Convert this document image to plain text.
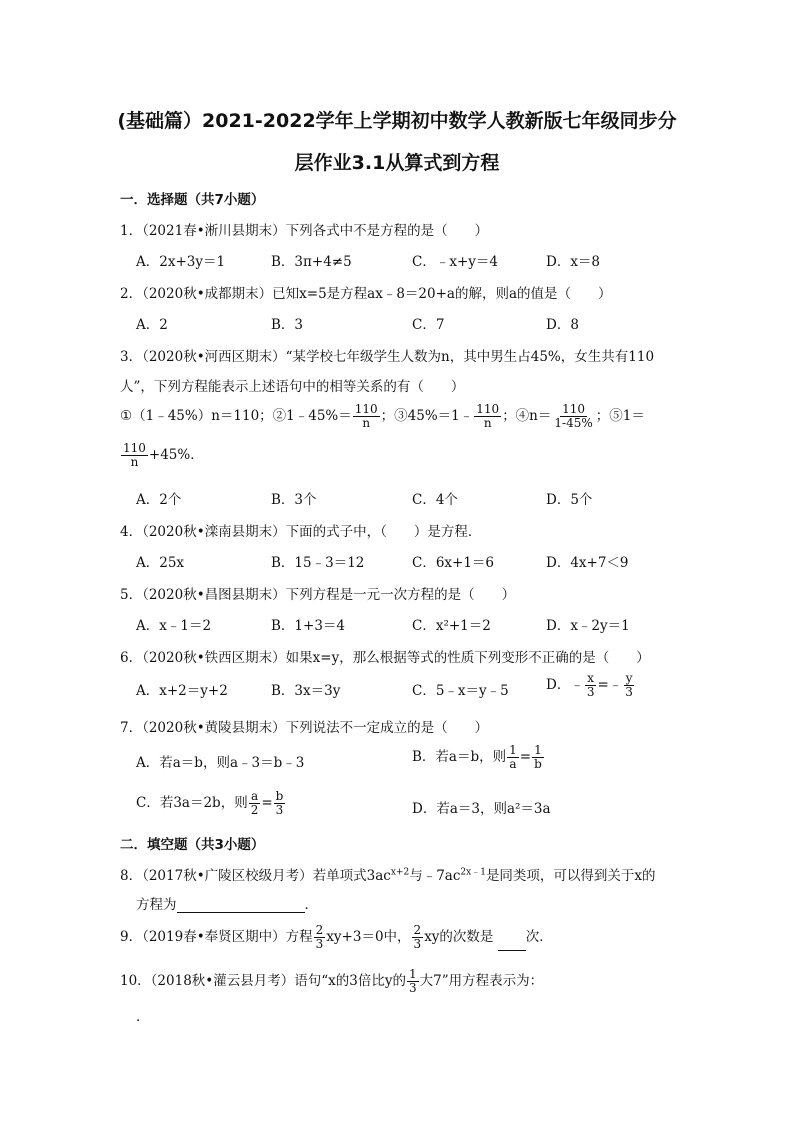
(基础篇）2021-2022学年上学期初中数学人教新版七年级同步分
层作业3.1从算式到方程
一．选择题（共7小题）
1．（2021春•淅川县期末）下列各式中不是方程的是（　　）
A．2x+3y＝1	B．3π+4≠5	C．﹣x+y＝4	D．x＝8
2．（2020秋•成都期末）已知x=5是方程ax﹣8＝20+a的解，则a的值是（　　）
A．2	B．3	C．7	D．8
3．（2020秋•河西区期末）“某学校七年级学生人数为n，其中男生占45%，女生共有110
人”，下列方程能表示上述语句中的相等关系的有（　　）
①（1﹣45%）n＝110；②1﹣45%＝ $\frac{110}{n}$ ；③45%＝1﹣ $\frac{110}{n}$ ；④n＝ $\frac{110}{1-45\%}$ ；⑤1＝
$\frac{110}{n} +45\%$．
A．2个	B．3个	C．4个	D．5个
4．（2020秋•滦南县期末）下面的式子中，（　　）是方程．
A．25x	B．15﹣3＝12	C．6x+1＝6	D．4x+7＜9
5．（2020秋•昌图县期末）下列方程是一元一次方程的是（　　）
A．x﹣1＝2	B．1+3＝4	C．x²+1＝2	D．x﹣2y＝1
6．（2020秋•铁西区期末）如果x=y，那么根据等式的性质下列变形不正确的是（　　）
A．x+2＝y+2	B．3x＝3y	C．5﹣x＝y﹣5	D．﹣ $\frac{x}{3}$ =﹣ $\frac{y}{3}$
7．（2020秋•黄陵县期末）下列说法不一定成立的是（　　）
A．若a＝b，则a﹣3＝b﹣3	B．若a＝b，则 $\frac{1}{a} = \frac{1}{b}$
C．若3a＝2b，则 $\frac{a}{2} = \frac{b}{3}$	D．若a＝3，则a²＝3a
二．填空题（共3小题）
8．（2017秋•广陵区校级月考）若单项式$3ac^{x+2}$与$﹣7ac^{2x﹣1}$是同类项，可以得到关于x的
方程为	．
9．（2019春•奉贤区期中）方程 $\frac{2}{3} xy+3=0$中， $\frac{2}{3}$ xy的次数是 次．
10．（2018秋•灌云县月考）语句“x的3倍比y的 $\frac{1}{3}$ 大7”用方程表示为：
．
